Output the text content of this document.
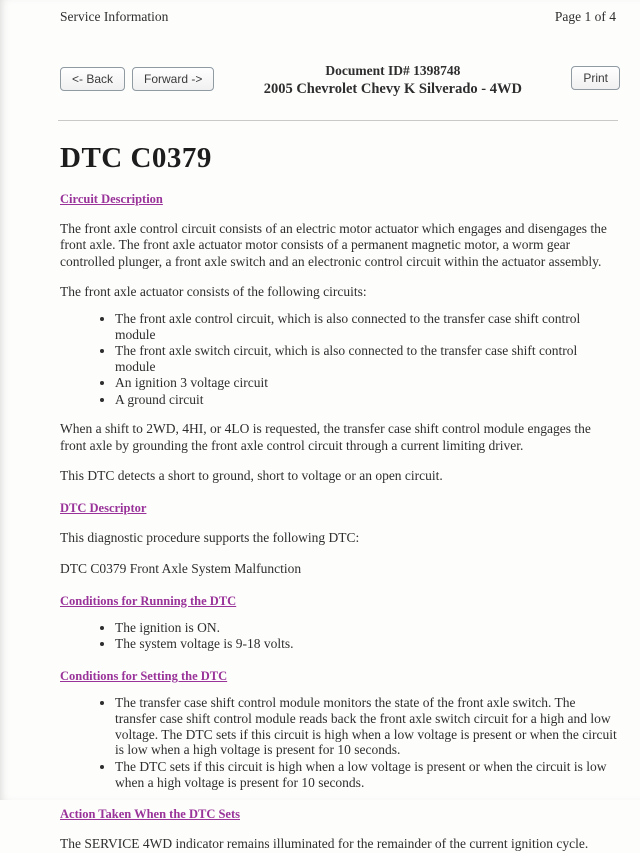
Service Information	Page 1 of 4
<- Back	Forward ->
Document ID# 1398748
2005 Chevrolet Chevy K Silverado - 4WD
Print
DTC C0379
Circuit Description

The front axle control circuit consists of an electric motor actuator which engages and disengages the front axle. The front axle actuator motor consists of a permanent magnetic motor, a worm gear controlled plunger, a front axle switch and an electronic control circuit within the actuator assembly.

The front axle actuator consists of the following circuits:

• The front axle control circuit, which is also connected to the transfer case shift control module
• The front axle switch circuit, which is also connected to the transfer case shift control module
• An ignition 3 voltage circuit
• A ground circuit

When a shift to 2WD, 4HI, or 4LO is requested, the transfer case shift control module engages the front axle by grounding the front axle control circuit through a current limiting driver.

This DTC detects a short to ground, short to voltage or an open circuit.

DTC Descriptor

This diagnostic procedure supports the following DTC:

DTC C0379 Front Axle System Malfunction

Conditions for Running the DTC
• The ignition is ON.
• The system voltage is 9-18 volts.
Conditions for Setting the DTC
• The transfer case shift control module monitors the state of the front axle switch. The transfer case shift control module reads back the front axle switch circuit for a high and low voltage. The DTC sets if this circuit is high when a low voltage is present or when the circuit is low when a high voltage is present for 10 seconds.
• The DTC sets if this circuit is high when a low voltage is present or when the circuit is low when a high voltage is present for 10 seconds.
Action Taken When the DTC Sets

The SERVICE 4WD indicator remains illuminated for the remainder of the current ignition cycle.
